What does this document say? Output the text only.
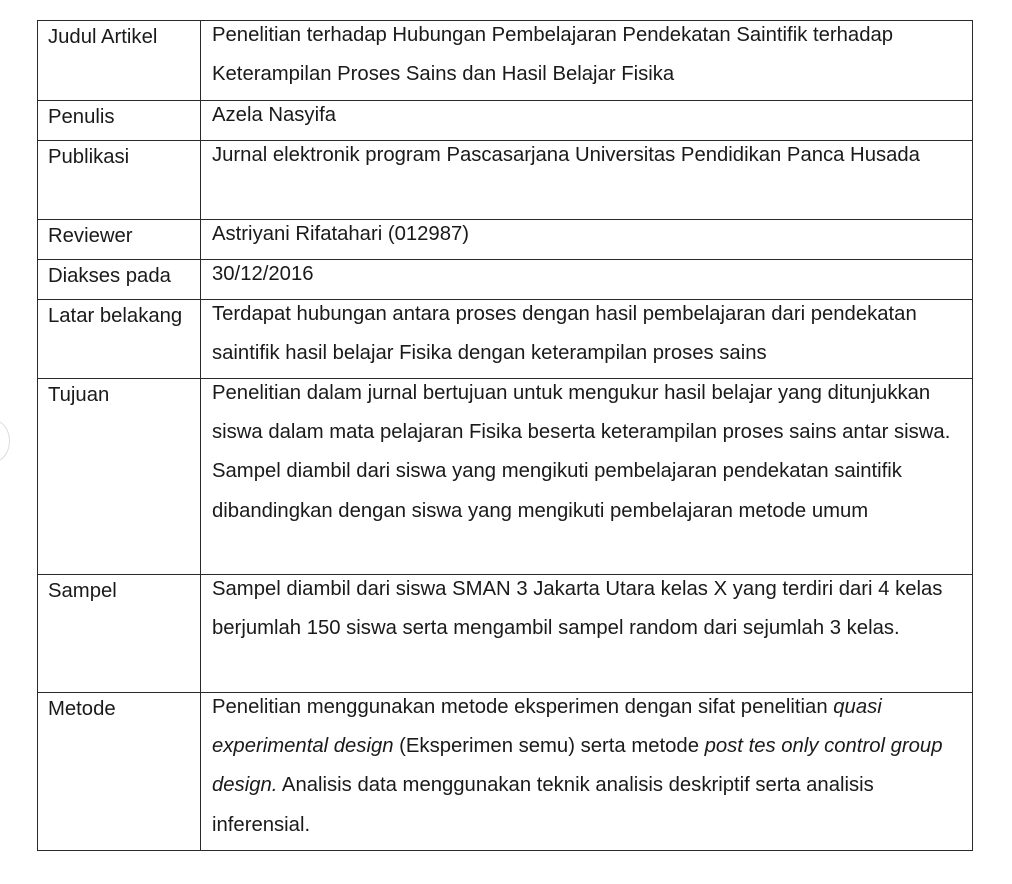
Judul Artikel	Penelitian terhadap Hubungan Pembelajaran Pendekatan Saintifik terhadap Keterampilan Proses Sains dan Hasil Belajar Fisika

Penulis	Azela Nasyifa

Publikasi	Jurnal elektronik program Pascasarjana Universitas Pendidikan Panca Husada

Reviewer	Astriyani Rifatahari (012987)

Diakses pada	30/12/2016

Latar belakang	Terdapat hubungan antara proses dengan hasil pembelajaran dari pendekatan saintifik hasil belajar Fisika dengan keterampilan proses sains

Tujuan	Penelitian dalam jurnal bertujuan untuk mengukur hasil belajar yang ditunjukkan siswa dalam mata pelajaran Fisika beserta keterampilan proses sains antar siswa. Sampel diambil dari siswa yang mengikuti pembelajaran pendekatan saintifik dibandingkan dengan siswa yang mengikuti pembelajaran metode umum

Sampel	Sampel diambil dari siswa SMAN 3 Jakarta Utara kelas X yang terdiri dari 4 kelas berjumlah 150 siswa serta mengambil sampel random dari sejumlah 3 kelas.

Metode	Penelitian menggunakan metode eksperimen dengan sifat penelitian quasi experimental design (Eksperimen semu) serta metode post tes only control group design. Analisis data menggunakan teknik analisis deskriptif serta analisis inferensial.
